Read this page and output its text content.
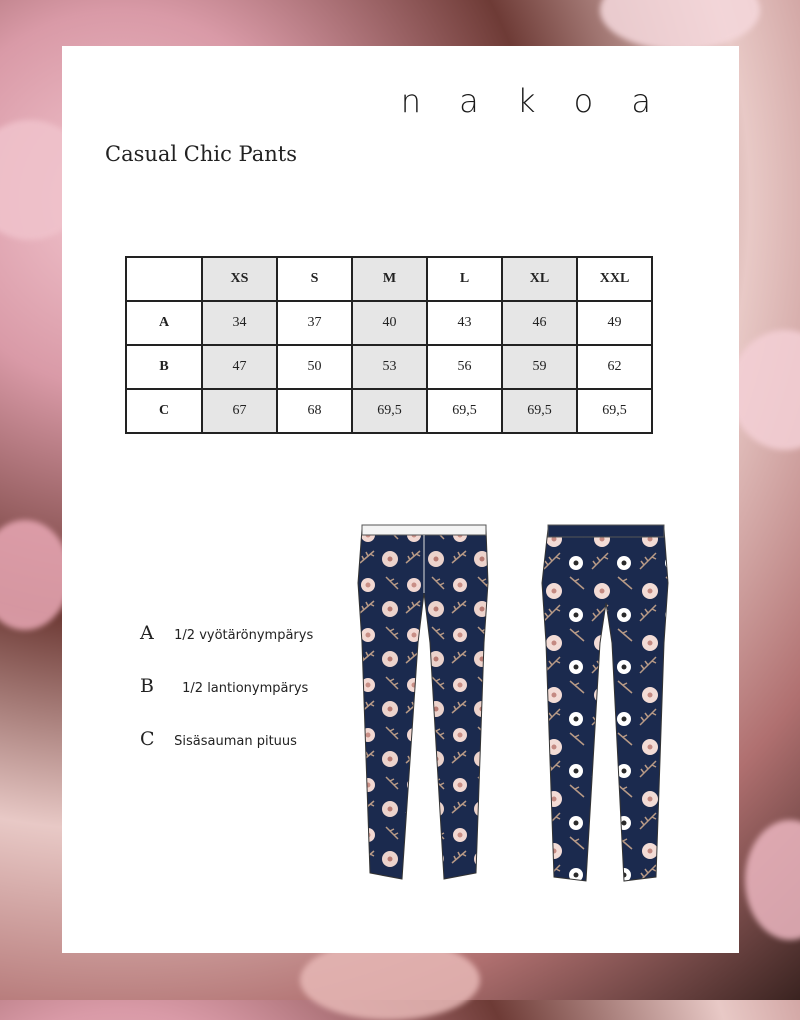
n a k o a
Casual Chic Pants
	XS	S	M	L	XL	XXL
A	34	37	40	43	46	49
B	47	50	53	56	59	62
C	67	68	69,5	69,5	69,5	69,5
A 1/2 vyötärönympärys
B 1/2 lantionympärys
C Sisäsauman pituus
